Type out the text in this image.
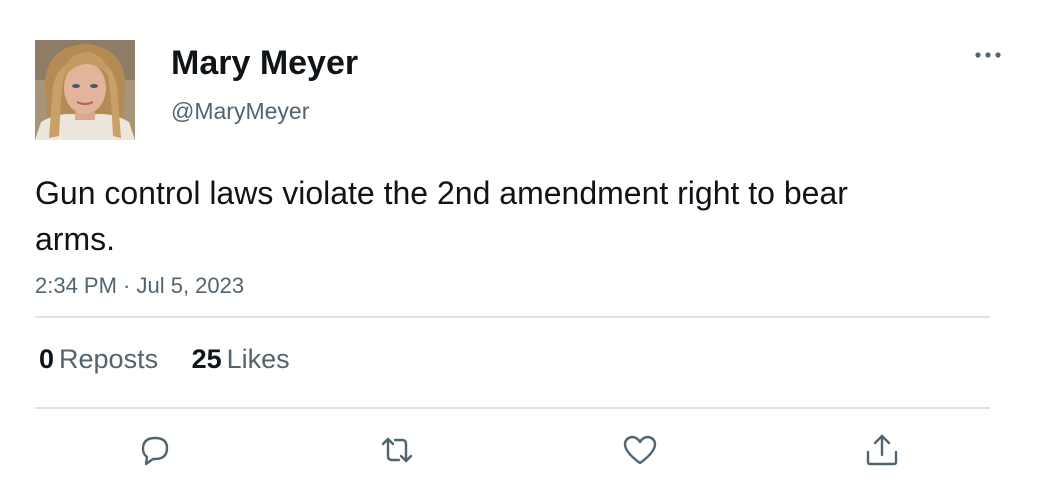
Mary Meyer
@MaryMeyer
Gun control laws violate the 2nd amendment right to bear arms.
2:34 PM · Jul 5, 2023
0 Reposts 25 Likes
